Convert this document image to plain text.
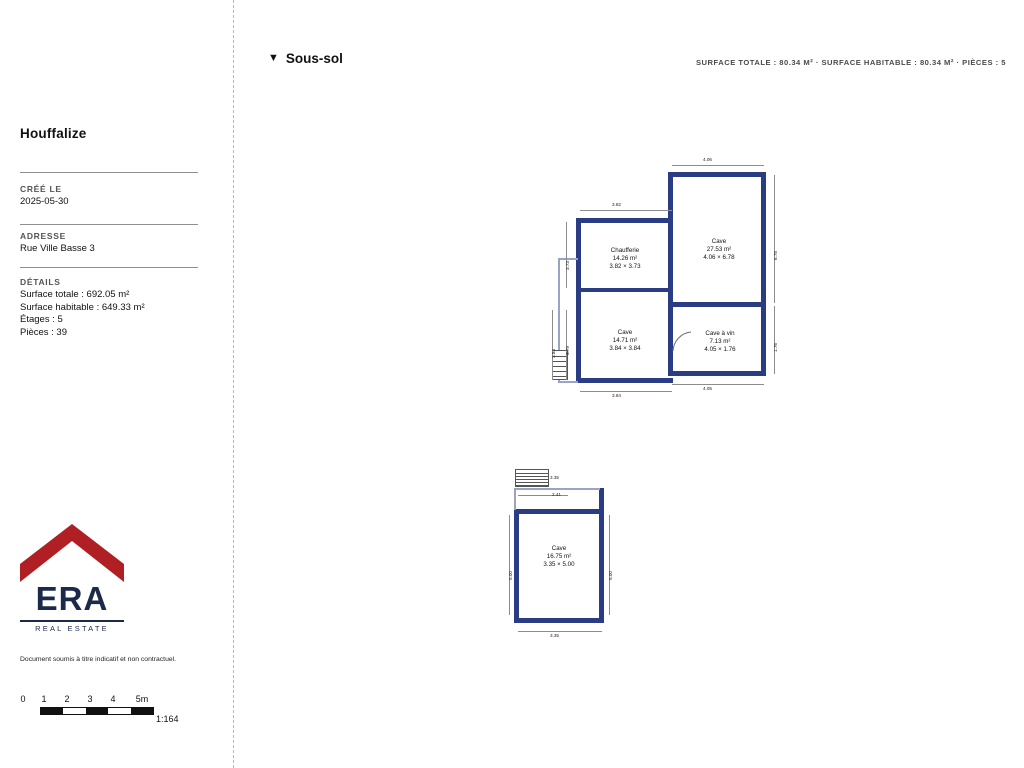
Houffalize
CRÉÉ LE
2025-05-30
ADRESSE
Rue Ville Basse 3
DÉTAILS
Surface totale : 692.05 m²
Surface habitable : 649.33 m²
Étages : 5
Pièces : 39
ERA
REAL ESTATE
Document soumis à titre indicatif et non contractuel.
0 1 2 3 4 5m
1:164
▼ Sous-sol	SURFACE TOTALE : 80.34 M² · SURFACE HABITABLE : 80.34 M² · PIÈCES : 5
Chaufferie
14.26 m²
3.82 × 3.73
Cave
27.53 m²
4.06 × 6.78
Cave
14.71 m²
3.84 × 3.84
Cave à vin
7.13 m²
4.05 × 1.76
3.82
4.06
6.78
1.76
4.05
3.84
3.73
3.84 3.79
Cave
16.75 m²
3.35 × 5.00
3.35
2.41
5.00	5.00
3.35
